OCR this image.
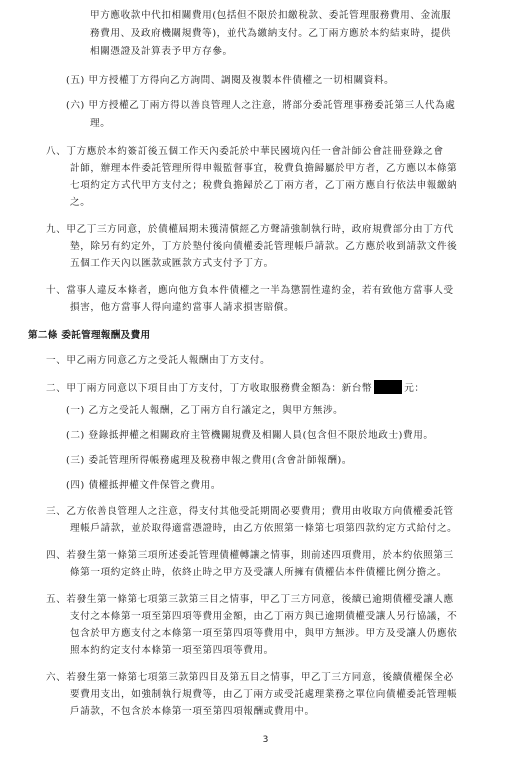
甲方應收款中代扣相關費用(包括但不限於扣繳稅款、委託管理服務費用、金流服
務費用、及政府機關規費等)，並代為繳納支付。乙丁兩方應於本約結束時，提供
相關憑證及計算表予甲方存參。
(五) 甲方授權丁方得向乙方詢問、調閱及複製本件債權之一切相關資料。
(六) 甲方授權乙丁兩方得以善良管理人之注意，將部分委託管理事務委託第三人代為處
理。
八、丁方應於本約簽訂後五個工作天內委託於中華民國境內任一會計師公會註冊登錄之會
計師，辦理本件委託管理所得申報監督事宜，稅費負擔歸屬於甲方者，乙方應以本條第
七項約定方式代甲方支付之；稅費負擔歸於乙丁兩方者，乙丁兩方應自行依法申報繳納
之。
九、甲乙丁三方同意，於債權屆期未獲清償經乙方聲請強制執行時，政府規費部分由丁方代
墊，除另有約定外，丁方於墊付後向債權委託管理帳戶請款。乙方應於收到請款文件後
五個工作天內以匯款或匯款方式支付予丁方。
十、當事人違反本條者，應向他方負本件債權之一半為懲罰性違約金，若有致他方當事人受
損害，他方當事人得向違約當事人請求損害賠償。
第二條 委託管理報酬及費用
一、甲乙兩方同意乙方之受託人報酬由丁方支付。
二、甲丁兩方同意以下項目由丁方支付，丁方收取服務費金額為：新台幣	元：
(一) 乙方之受託人報酬，乙丁兩方自行議定之，與甲方無涉。
(二) 登錄抵押權之相關政府主管機關規費及相關人員(包含但不限於地政士)費用。
(三) 委託管理所得帳務處理及稅務申報之費用(含會計師報酬)。
(四) 債權抵押權文件保管之費用。
三、乙方依善良管理人之注意，得支付其他受託期間必要費用；費用由收取方向債權委託管
理帳戶請款，並於取得適當憑證時，由乙方依照第一條第七項第四款約定方式給付之。
四、若發生第一條第三項所述委託管理債權轉讓之情事，則前述四項費用，於本約依照第三
條第一項約定終止時，依終止時之甲方及受讓人所擁有債權佔本件債權比例分擔之。
五、若發生第一條第七項第三款第三目之情事，甲乙丁三方同意，後續已逾期債權受讓人應
支付之本條第一項至第四項等費用金額，由乙丁兩方與已逾期債權受讓人另行協議，不
包含於甲方應支付之本條第一項至第四項等費用中，與甲方無涉。甲方及受讓人仍應依
照本約約定支付本條第一項至第四項等費用。
六、若發生第一條第七項第三款第四目及第五目之情事，甲乙丁三方同意，後續債權保全必
要費用支出，如強制執行規費等，由乙丁兩方或受託處理業務之單位向債權委託管理帳
戶請款，不包含於本條第一項至第四項報酬或費用中。
3
